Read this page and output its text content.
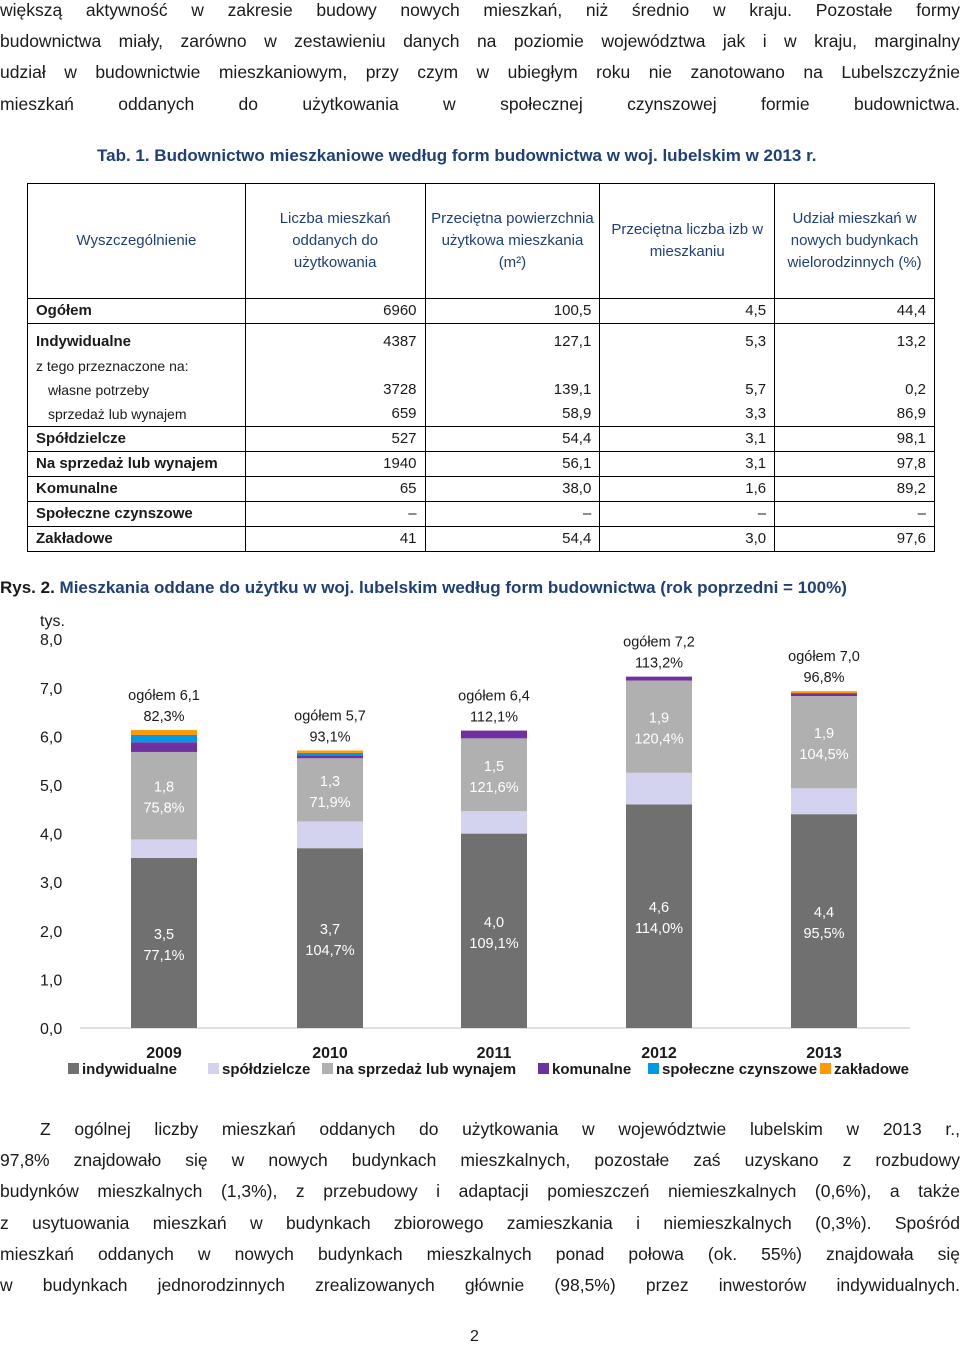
większą aktywność w zakresie budowy nowych mieszkań, niż średnio w kraju. Pozostałe formy
budownictwa miały, zarówno w zestawieniu danych na poziomie województwa jak i w kraju, marginalny
udział w budownictwie mieszkaniowym, przy czym w ubiegłym roku nie zanotowano na Lubelszczyźnie
mieszkań oddanych do użytkowania w społecznej czynszowej formie budownictwa.
Tab. 1. Budownictwo mieszkaniowe według form budownictwa w woj. lubelskim w 2013 r.
Wyszczególnienie	Liczba mieszkań oddanych do użytkowania	Przeciętna powierzchnia użytkowa mieszkania (m²)	Przeciętna liczba izb w mieszkaniu	Udział mieszkań w nowych budynkach wielorodzinnych (%)
Ogółem	6960	100,5	4,5	44,4
Indywidualne	4387	127,1	5,3	13,2
z tego przeznaczone na:				
własne potrzeby	3728	139,1	5,7	0,2
sprzedaż lub wynajem	659	58,9	3,3	86,9
Spółdzielcze	527	54,4	3,1	98,1
Na sprzedaż lub wynajem	1940	56,1	3,1	97,8
Komunalne	65	38,0	1,6	89,2
Społeczne czynszowe	–	–	–	–
Zakładowe	41	54,4	3,0	97,6
Rys. 2. Mieszkania oddane do użytku w woj. lubelskim według form budownictwa (rok poprzedni = 100%)
tys.
0,0
1,0
2,0
3,0
4,0
5,0
6,0
7,0
8,0
2009
3,5
77,1%
1,8
75,8%
ogółem 6,1
82,3%
2010
3,7
104,7%
1,3
71,9%
ogółem 5,7
93,1%
2011
4,0
109,1%
1,5
121,6%
ogółem 6,4
112,1%
2012
4,6
114,0%
1,9
120,4%
ogółem 7,2
113,2%
2013
4,4
95,5%
1,9
104,5%
ogółem 7,0
96,8%
indywidualne	spółdzielcze na sprzedaż lub wynajem komunalne społeczne czynszowe zakładowe
Z ogólnej liczby mieszkań oddanych do użytkowania w województwie lubelskim w 2013 r.,
97,8% znajdowało się w nowych budynkach mieszkalnych, pozostałe zaś uzyskano z rozbudowy
budynków mieszkalnych (1,3%), z przebudowy i adaptacji pomieszczeń niemieszkalnych (0,6%), a także
z usytuowania mieszkań w budynkach zbiorowego zamieszkania i niemieszkalnych (0,3%). Spośród
mieszkań oddanych w nowych budynkach mieszkalnych ponad połowa (ok. 55%) znajdowała się
w budynkach jednorodzinnych zrealizowanych głównie (98,5%) przez inwestorów indywidualnych.
2
